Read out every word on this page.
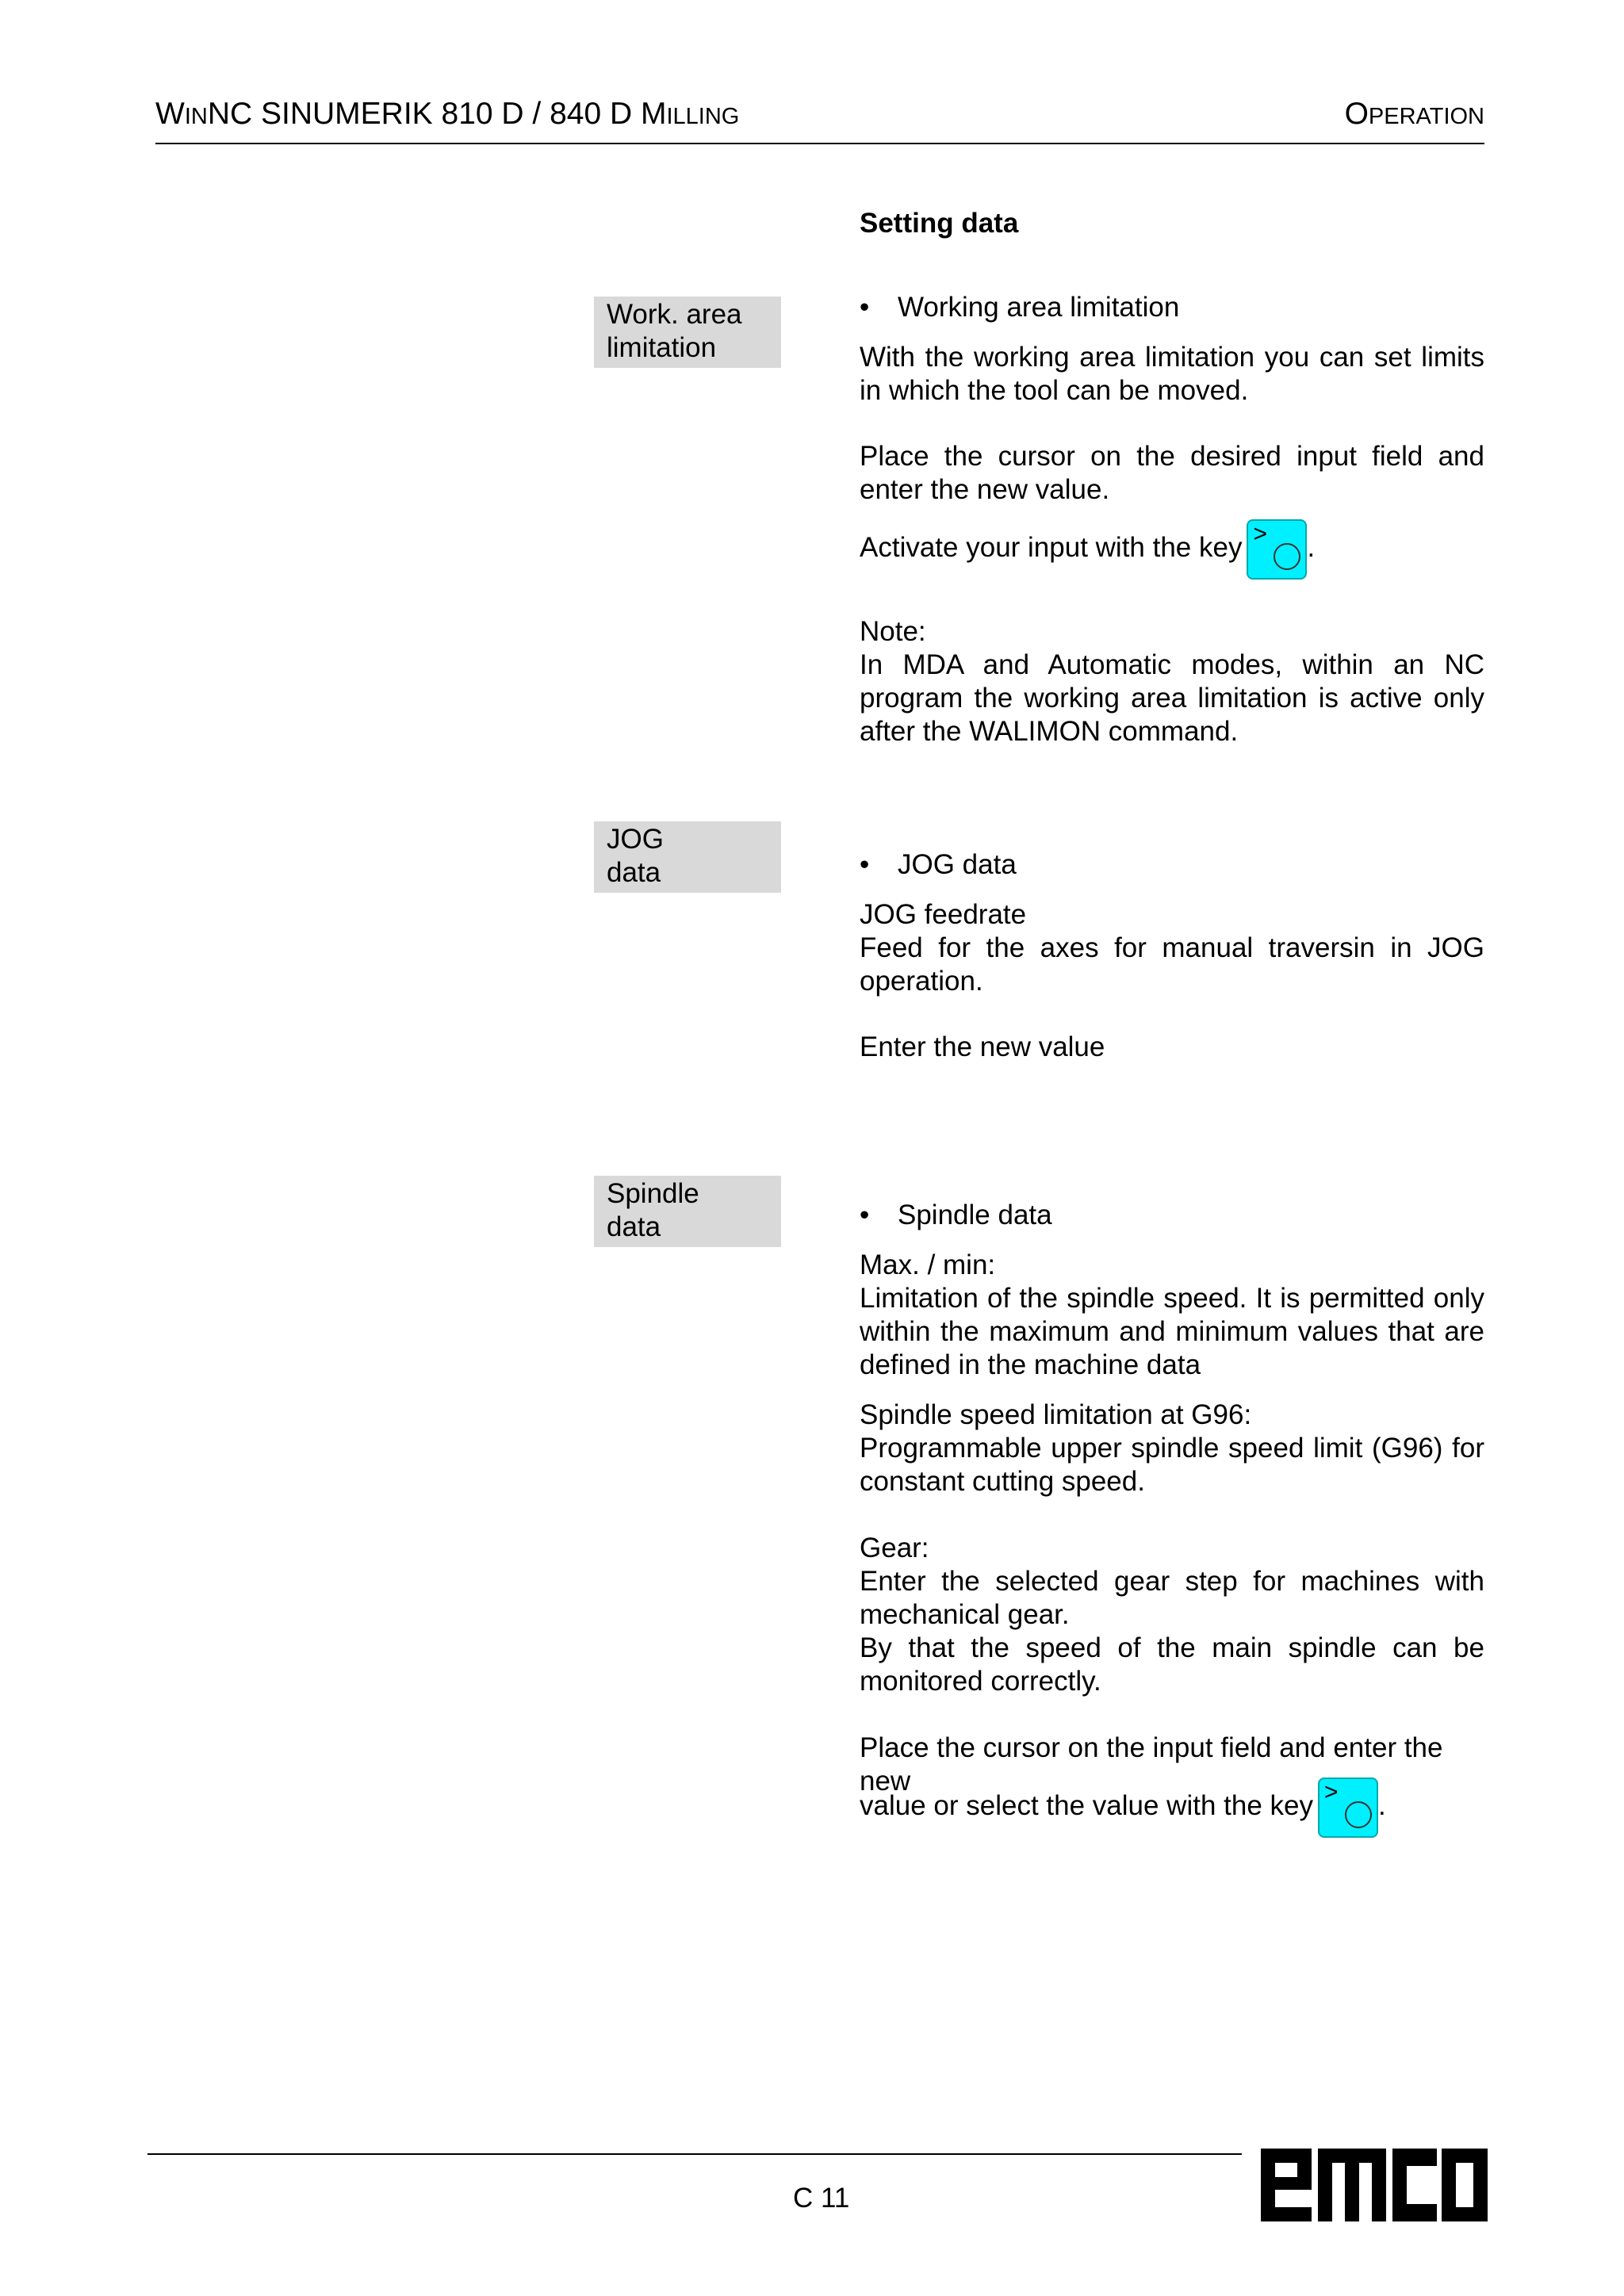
WINNC SINUMERIK 810 D / 840 D MILLING	OPERATION
Setting data
Work. area
limitation
JOG
data
Spindle
data
• Working area limitation
With the working area limitation you can set limits in which the tool can be moved.
Place the cursor on the desired input field and enter the new value.
Activate your input with the key > .
Note:
In MDA and Automatic modes, within an NC program the working area limitation is active only after the WALIMON command.
• JOG data
JOG feedrate
Feed for the axes for manual traversin in JOG operation.
Enter the new value
• Spindle data
Max. / min:
Limitation of the spindle speed. It is permitted only within the maximum and minimum values that are defined in the machine data
Spindle speed limitation at G96:
Programmable upper spindle speed limit (G96) for constant cutting speed.
Gear:
Enter the selected gear step for machines with mechanical gear.
By that the speed of the main spindle can be monitored correctly.
Place the cursor on the input field and enter the new
value or select the value with the key > .
C 11
